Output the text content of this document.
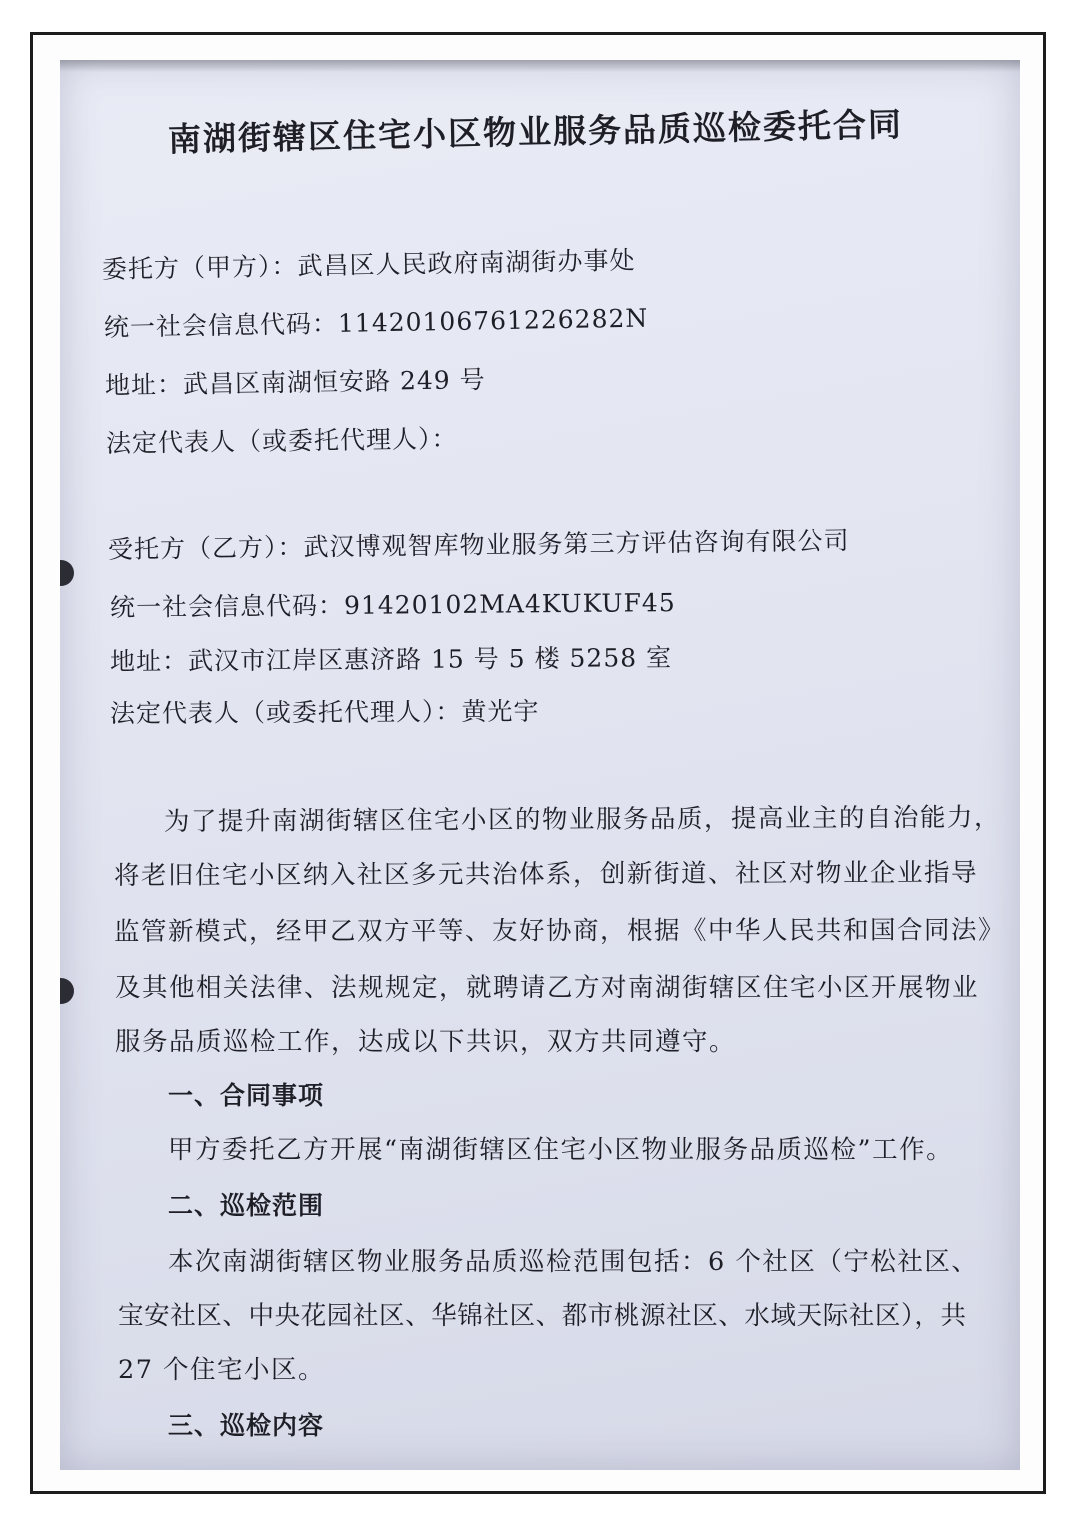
南湖街辖区住宅小区物业服务品质巡检委托合同
委托方（甲方）：武昌区人民政府南湖街办事处
统一社会信息代码：11420106761226282N
地址：武昌区南湖恒安路 249 号
法定代表人（或委托代理人）：
受托方（乙方）：武汉博观智库物业服务第三方评估咨询有限公司
统一社会信息代码：91420102MA4KUKUF45
地址：武汉市江岸区惠济路 15 号 5 楼 5258 室
法定代表人（或委托代理人）：黄光宇
为了提升南湖街辖区住宅小区的物业服务品质，提高业主的自治能力，
将老旧住宅小区纳入社区多元共治体系，创新街道、社区对物业企业指导
监管新模式，经甲乙双方平等、友好协商，根据《中华人民共和国合同法》
及其他相关法律、法规规定，就聘请乙方对南湖街辖区住宅小区开展物业
服务品质巡检工作，达成以下共识，双方共同遵守。
一、合同事项
甲方委托乙方开展“南湖街辖区住宅小区物业服务品质巡检”工作。
二、巡检范围
本次南湖街辖区物业服务品质巡检范围包括：6 个社区（宁松社区、
宝安社区、中央花园社区、华锦社区、都市桃源社区、水域天际社区），共
27 个住宅小区。
三、巡检内容
